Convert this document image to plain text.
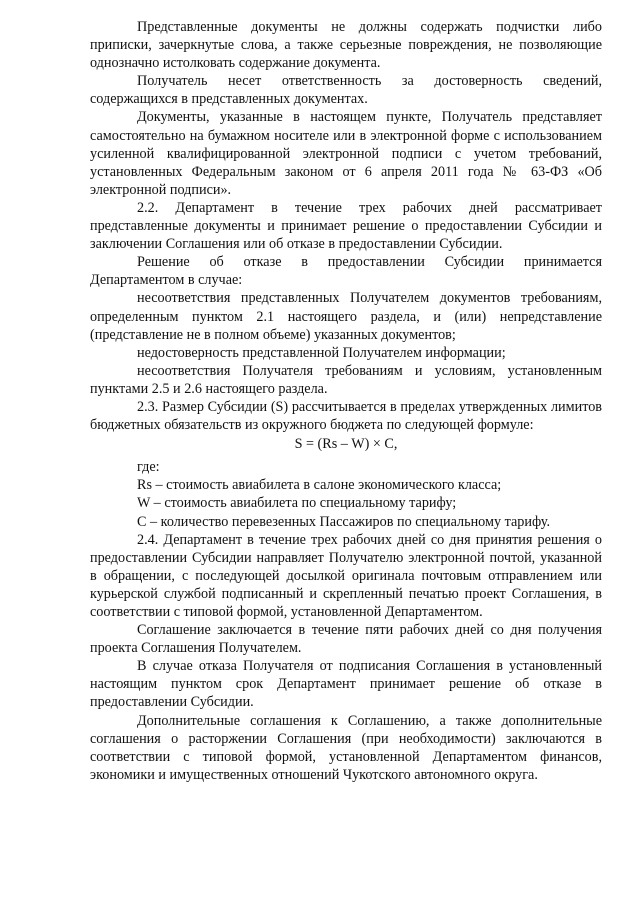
Представленные документы не должны содержать подчистки либо приписки, зачеркнутые слова, а также серьезные повреждения, не позволяющие однозначно истолковать содержание документа.

Получатель несет ответственность за достоверность сведений, содержащихся в представленных документах.

Документы, указанные в настоящем пункте, Получатель представляет самостоятельно на бумажном носителе или в электронной форме с использованием усиленной квалифицированной электронной подписи с учетом требований, установленных Федеральным законом от 6 апреля 2011 года № 63-ФЗ «Об электронной подписи».

2.2. Департамент в течение трех рабочих дней рассматривает представленные документы и принимает решение о предоставлении Субсидии и заключении Соглашения или об отказе в предоставлении Субсидии.

Решение об отказе в предоставлении Субсидии принимается Департаментом в случае:

несоответствия представленных Получателем документов требованиям, определенным пунктом 2.1 настоящего раздела, и (или) непредставление (представление не в полном объеме) указанных документов;

недостоверность представленной Получателем информации;

несоответствия Получателя требованиям и условиям, установленным пунктами 2.5 и 2.6 настоящего раздела.

2.3. Размер Субсидии (S) рассчитывается в пределах утвержденных лимитов бюджетных обязательств из окружного бюджета по следующей формуле:

S = (Rs – W) × C,

где:

Rs – стоимость авиабилета в салоне экономического класса;

W – стоимость авиабилета по специальному тарифу;

C – количество перевезенных Пассажиров по специальному тарифу.

2.4. Департамент в течение трех рабочих дней со дня принятия решения о предоставлении Субсидии направляет Получателю электронной почтой, указанной в обращении, с последующей досылкой оригинала почтовым отправлением или курьерской службой подписанный и скрепленный печатью проект Соглашения, в соответствии с типовой формой, установленной Департаментом.

Соглашение заключается в течение пяти рабочих дней со дня получения проекта Соглашения Получателем.

В случае отказа Получателя от подписания Соглашения в установленный настоящим пунктом срок Департамент принимает решение об отказе в предоставлении Субсидии.

Дополнительные соглашения к Соглашению, а также дополнительные соглашения о расторжении Соглашения (при необходимости) заключаются в соответствии с типовой формой, установленной Департаментом финансов, экономики и имущественных отношений Чукотского автономного округа.
